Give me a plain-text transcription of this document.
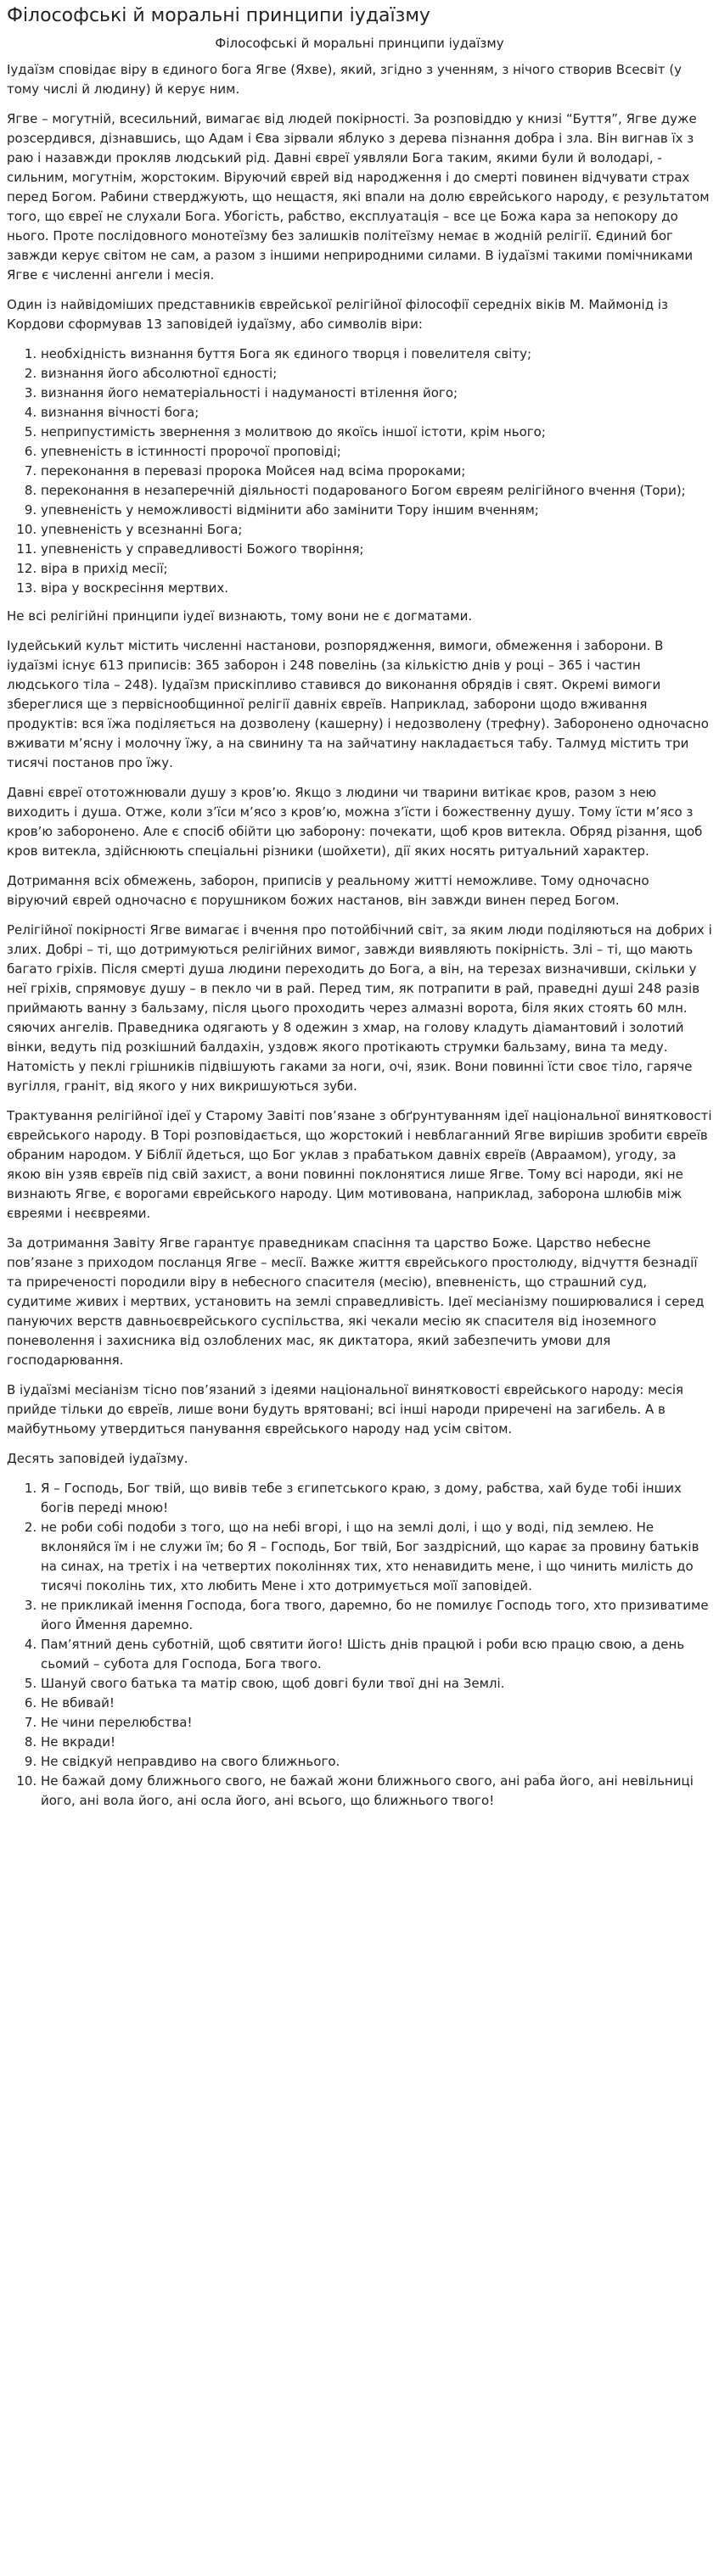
Філософські й моральні принципи іудаїзму

Філософські й моральні принципи іудаїзму

Іудаїзм сповідає віру в єдиного бога Ягве (Яхве), який, згідно з ученням, з нічого створив Всесвіт (у тому числі й людину) й керує ним.

Ягве – могутній, всесильний, вимагає від людей покірності. За розповіддю у книзі “Буття”, Ягве дуже розсердився, дізнавшись, що Адам і Єва зірвали яблуко з дерева пізнання добра і зла. Він вигнав їх з раю і назавжди прокляв людський рід. Давні євреї уявляли Бога таким, якими були й володарі, - сильним, могутнім, жорстоким. Віруючий єврей від народження і до смерті повинен відчувати страх перед Богом. Рабини стверджують, що нещастя, які впали на долю єврейського народу, є результатом того, що євреї не слухали Бога. Убогість, рабство, експлуатація – все це Божа кара за непокору до нього. Проте послідовного монотеїзму без залишків політеїзму немає в жодній релігії. Єдиний бог завжди керує світом не сам, а разом з іншими неприродними силами. В іудаїзмі такими помічниками Ягве є численні ангели і месія.

Один із найвідоміших представників єврейської релігійної філософії середніх віків М. Маймонід із Кордови сформував 13 заповідей іудаїзму, або символів віри:

1. необхідність визнання буття Бога як єдиного творця і повелителя світу;
2. визнання його абсолютної єдності;
3. визнання його нематеріальності і надуманості втілення його;
4. визнання вічності бога;
5. неприпустимість звернення з молитвою до якоїсь іншої істоти, крім нього;
6. упевненість в істинності пророчої проповіді;
7. переконання в перевазі пророка Мойсея над всіма пророками;
8. переконання в незаперечній діяльності подарованого Богом євреям релігійного вчення (Тори);
9. упевненість у неможливості відмінити або замінити Тору іншим вченням;
10. упевненість у всезнанні Бога;
11. упевненість у справедливості Божого творіння;
12. віра в прихід месії;
13. віра у воскресіння мертвих.

Не всі релігійні принципи іудеї визнають, тому вони не є догматами.

Іудейський культ містить численні настанови, розпорядження, вимоги, обмеження і заборони. В іудаїзмі існує 613 приписів: 365 заборон і 248 повелінь (за кількістю днів у році – 365 і частин людського тіла – 248). Іудаїзм прискіпливо ставився до виконання обрядів і свят. Окремі вимоги збереглися ще з первіснообщинної релігії давніх євреїв. Наприклад, заборони щодо вживання продуктів: вся їжа поділяється на дозволену (кашерну) і недозволену (трефну). Заборонено одночасно вживати м’ясну і молочну їжу, а на свинину та на зайчатину накладається табу. Талмуд містить три тисячі постанов про їжу.

Давні євреї ототожнювали душу з кров’ю. Якщо з людини чи тварини витікає кров, разом з нею виходить і душа. Отже, коли з’їси м’ясо з кров’ю, можна з’їсти і божественну душу. Тому їсти м’ясо з кров’ю заборонено. Але є спосіб обійти цю заборону: почекати, щоб кров витекла. Обряд різання, щоб кров витекла, здійснюють спеціальні різники (шойхети), дії яких носять ритуальний характер.

Дотримання всіх обмежень, заборон, приписів у реальному житті неможливе. Тому одночасно віруючий єврей одночасно є порушником божих настанов, він завжди винен перед Богом.

Релігійної покірності Ягве вимагає і вчення про потойбічний світ, за яким люди поділяються на добрих і злих. Добрі – ті, що дотримуються релігійних вимог, завжди виявляють покірність. Злі – ті, що мають багато гріхів. Після смерті душа людини переходить до Бога, а він, на терезах визначивши, скільки у неї гріхів, спрямовує душу – в пекло чи в рай. Перед тим, як потрапити в рай, праведні душі 248 разів приймають ванну з бальзаму, після цього проходить через алмазні ворота, біля яких стоять 60 млн. сяючих ангелів. Праведника одягають у 8 одежин з хмар, на голову кладуть діамантовий і золотий вінки, ведуть під розкішний балдахін, уздовж якого протікають струмки бальзаму, вина та меду. Натомість у пеклі грішників підвішують гаками за ноги, очі, язик. Вони повинні їсти своє тіло, гаряче вугілля, граніт, від якого у них викришуються зуби.

Трактування релігійної ідеї у Старому Завіті пов’язане з обґрунтуванням ідеї національної винятковості єврейського народу. В Торі розповідається, що жорстокий і невблаганний Ягве вирішив зробити євреїв обраним народом. У Біблії йдеться, що Бог уклав з прабатьком давніх євреїв (Авраамом), угоду, за якою він узяв євреїв під свій захист, а вони повинні поклонятися лише Ягве. Тому всі народи, які не визнають Ягве, є ворогами єврейського народу. Цим мотивована, наприклад, заборона шлюбів між євреями і неєвреями.

За дотримання Завіту Ягве гарантує праведникам спасіння та царство Боже. Царство небесне пов’язане з приходом посланця Ягве – месії. Важке життя єврейського простолюду, відчуття безнадії та приреченості породили віру в небесного спасителя (месію), впевненість, що страшний суд, судитиме живих і мертвих, установить на землі справедливість. Ідеї месіанізму поширювалися і серед пануючих верств давньоєврейського суспільства, які чекали месію як спасителя від іноземного поневолення і захисника від озлоблених мас, як диктатора, який забезпечить умови для господарювання.

В іудаїзмі месіанізм тісно пов’язаний з ідеями національної винятковості єврейського народу: месія прийде тільки до євреїв, лише вони будуть врятовані; всі інші народи приречені на загибель. А в майбутньому утвердиться панування єврейського народу над усім світом.

Десять заповідей іудаїзму.

1. Я – Господь, Бог твій, що вивів тебе з єгипетського краю, з дому, рабства, хай буде тобі інших богів переді мною!
2. не роби собі подоби з того, що на небі вгорі, і що на землі долі, і що у воді, під землею. Не вклоняйся їм і не служи їм; бо Я – Господь, Бог твій, Бог заздрісний, що карає за провину батьків на синах, на третіх і на четвертих поколіннях тих, хто ненавидить мене, і що чинить милість до тисячі поколінь тих, хто любить Мене і хто дотримується моїї заповідей.
3. не прикликай імення Господа, бога твого, даремно, бо не помилує Господь того, хто призиватиме його Ймення даремно.
4. Пам’ятний день суботній, щоб святити його! Шість днів працюй і роби всю працю свою, а день сьомий – субота для Господа, Бога твого.
5. Шануй свого батька та матір свою, щоб довгі були твої дні на Землі.
6. Не вбивай!
7. Не чини перелюбства!
8. Не вкради!
9. Не свідкуй неправдиво на свого ближнього.
10. Не бажай дому ближнього свого, не бажай жони ближнього свого, ані раба його, ані невільниці його, ані вола його, ані осла його, ані всього, що ближнього твого!
